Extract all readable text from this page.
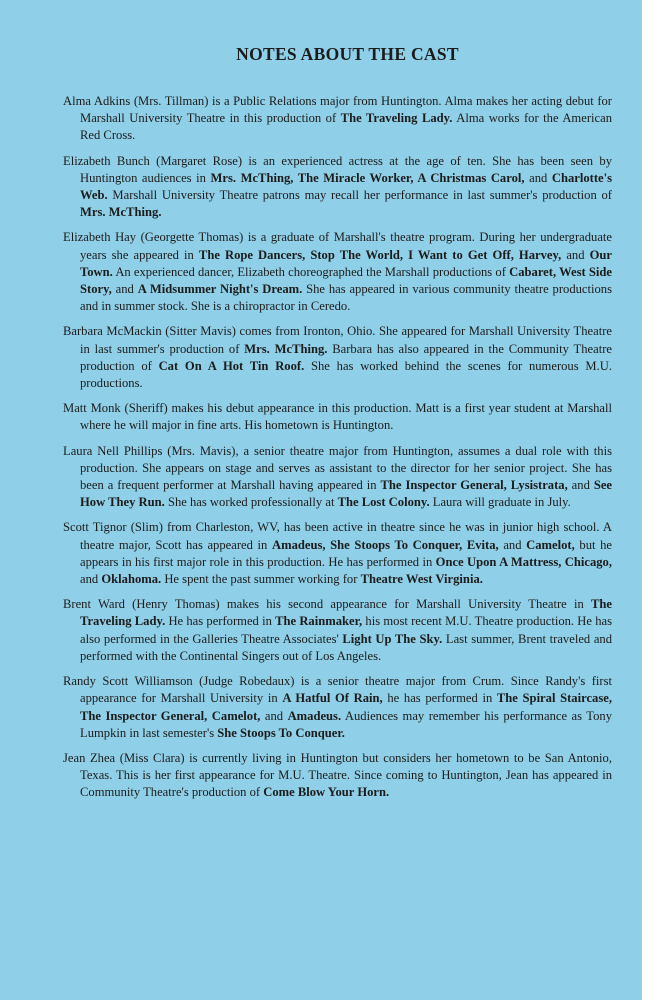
NOTES ABOUT THE CAST

Alma Adkins (Mrs. Tillman) is a Public Relations major from Huntington. Alma makes her acting debut for Marshall University Theatre in this production of The Traveling Lady. Alma works for the American Red Cross.

Elizabeth Bunch (Margaret Rose) is an experienced actress at the age of ten. She has been seen by Huntington audiences in Mrs. McThing, The Miracle Worker, A Christmas Carol, and Charlotte's Web. Marshall University Theatre patrons may recall her performance in last summer's production of Mrs. McThing.

Elizabeth Hay (Georgette Thomas) is a graduate of Marshall's theatre program. During her undergraduate years she appeared in The Rope Dancers, Stop The World, I Want to Get Off, Harvey, and Our Town. An experienced dancer, Elizabeth choreographed the Marshall productions of Cabaret, West Side Story, and A Midsummer Night's Dream. She has appeared in various community theatre productions and in summer stock. She is a chiropractor in Ceredo.

Barbara McMackin (Sitter Mavis) comes from Ironton, Ohio. She appeared for Marshall University Theatre in last summer's production of Mrs. McThing. Barbara has also appeared in the Community Theatre production of Cat On A Hot Tin Roof. She has worked behind the scenes for numerous M.U. productions.

Matt Monk (Sheriff) makes his debut appearance in this production. Matt is a first year student at Marshall where he will major in fine arts. His hometown is Huntington.

Laura Nell Phillips (Mrs. Mavis), a senior theatre major from Huntington, assumes a dual role with this production. She appears on stage and serves as assistant to the director for her senior project. She has been a frequent performer at Marshall having appeared in The Inspector General, Lysistrata, and See How They Run. She has worked professionally at The Lost Colony. Laura will graduate in July.

Scott Tignor (Slim) from Charleston, WV, has been active in theatre since he was in junior high school. A theatre major, Scott has appeared in Amadeus, She Stoops To Conquer, Evita, and Camelot, but he appears in his first major role in this production. He has performed in Once Upon A Mattress, Chicago, and Oklahoma. He spent the past summer working for Theatre West Virginia.

Brent Ward (Henry Thomas) makes his second appearance for Marshall University Theatre in The Traveling Lady. He has performed in The Rainmaker, his most recent M.U. Theatre production. He has also performed in the Galleries Theatre Associates' Light Up The Sky. Last summer, Brent traveled and performed with the Continental Singers out of Los Angeles.

Randy Scott Williamson (Judge Robedaux) is a senior theatre major from Crum. Since Randy's first appearance for Marshall University in A Hatful Of Rain, he has performed in The Spiral Staircase, The Inspector General, Camelot, and Amadeus. Audiences may remember his performance as Tony Lumpkin in last semester's She Stoops To Conquer.

Jean Zhea (Miss Clara) is currently living in Huntington but considers her hometown to be San Antonio, Texas. This is her first appearance for M.U. Theatre. Since coming to Huntington, Jean has appeared in Community Theatre's production of Come Blow Your Horn.
